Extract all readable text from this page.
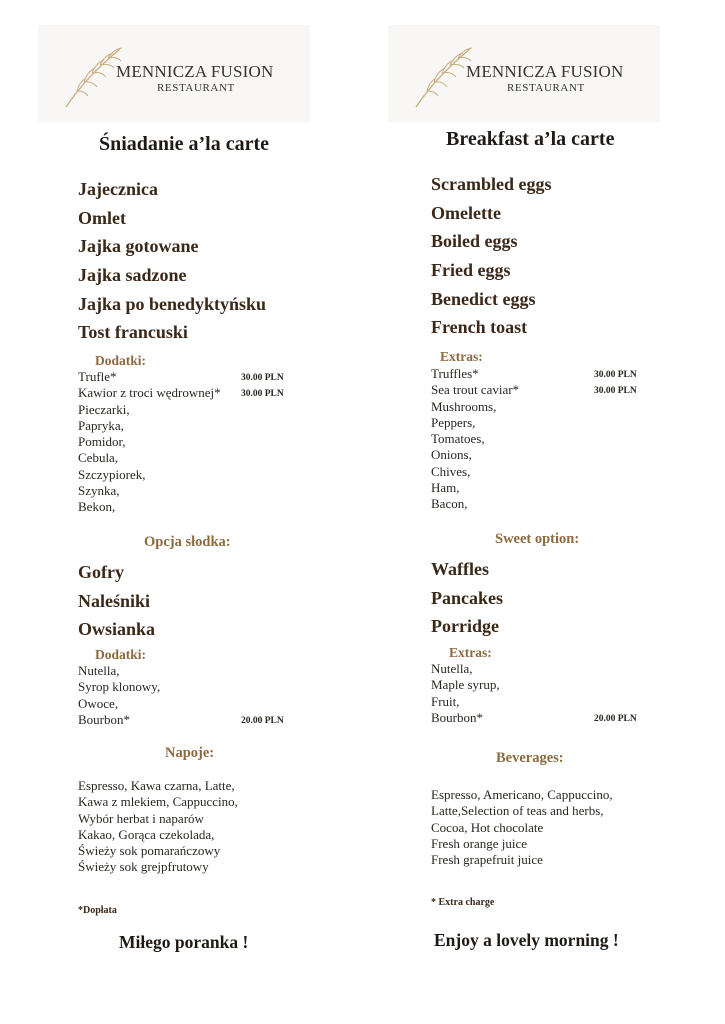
MENNICZA FUSION
RESTAURANT
Śniadanie a’la carte
Jajecznica
Omlet
Jajka gotowane
Jajka sadzone
Jajka po benedyktyńsku
Tost francuski
Dodatki:
Trufle*	30.00 PLN
Kawior z troci wędrownej* 30.00 PLN
Pieczarki,
Papryka,
Pomidor,
Cebula,
Szczypiorek,
Szynka,
Bekon,
Opcja słodka:
Gofry
Naleśniki
Owsianka
Dodatki:
Nutella,
Syrop klonowy,
Owoce,
Bourbon*	20.00 PLN
Napoje:
Espresso, Kawa czarna, Latte,
Kawa z mlekiem, Cappuccino,
Wybór herbat i naparów
Kakao, Gorąca czekolada,
Świeży sok pomarańczowy
Świeży sok grejpfrutowy
*Dopłata
Miłego poranka !
MENNICZA FUSION
RESTAURANT
Breakfast a’la carte
Scrambled eggs
Omelette
Boiled eggs
Fried eggs
Benedict eggs
French toast
Extras:
Truffles*	30.00 PLN
Sea trout caviar*	30.00 PLN
Mushrooms,
Peppers,
Tomatoes,
Onions,
Chives,
Ham,
Bacon,
Sweet option:
Waffles
Pancakes
Porridge
Extras:
Nutella,
Maple syrup,
Fruit,
Bourbon*	20.00 PLN
Beverages:
Espresso, Americano, Cappuccino,
Latte,Selection of teas and herbs,
Cocoa, Hot chocolate
Fresh orange juice
Fresh grapefruit juice
* Extra charge
Enjoy a lovely morning !
